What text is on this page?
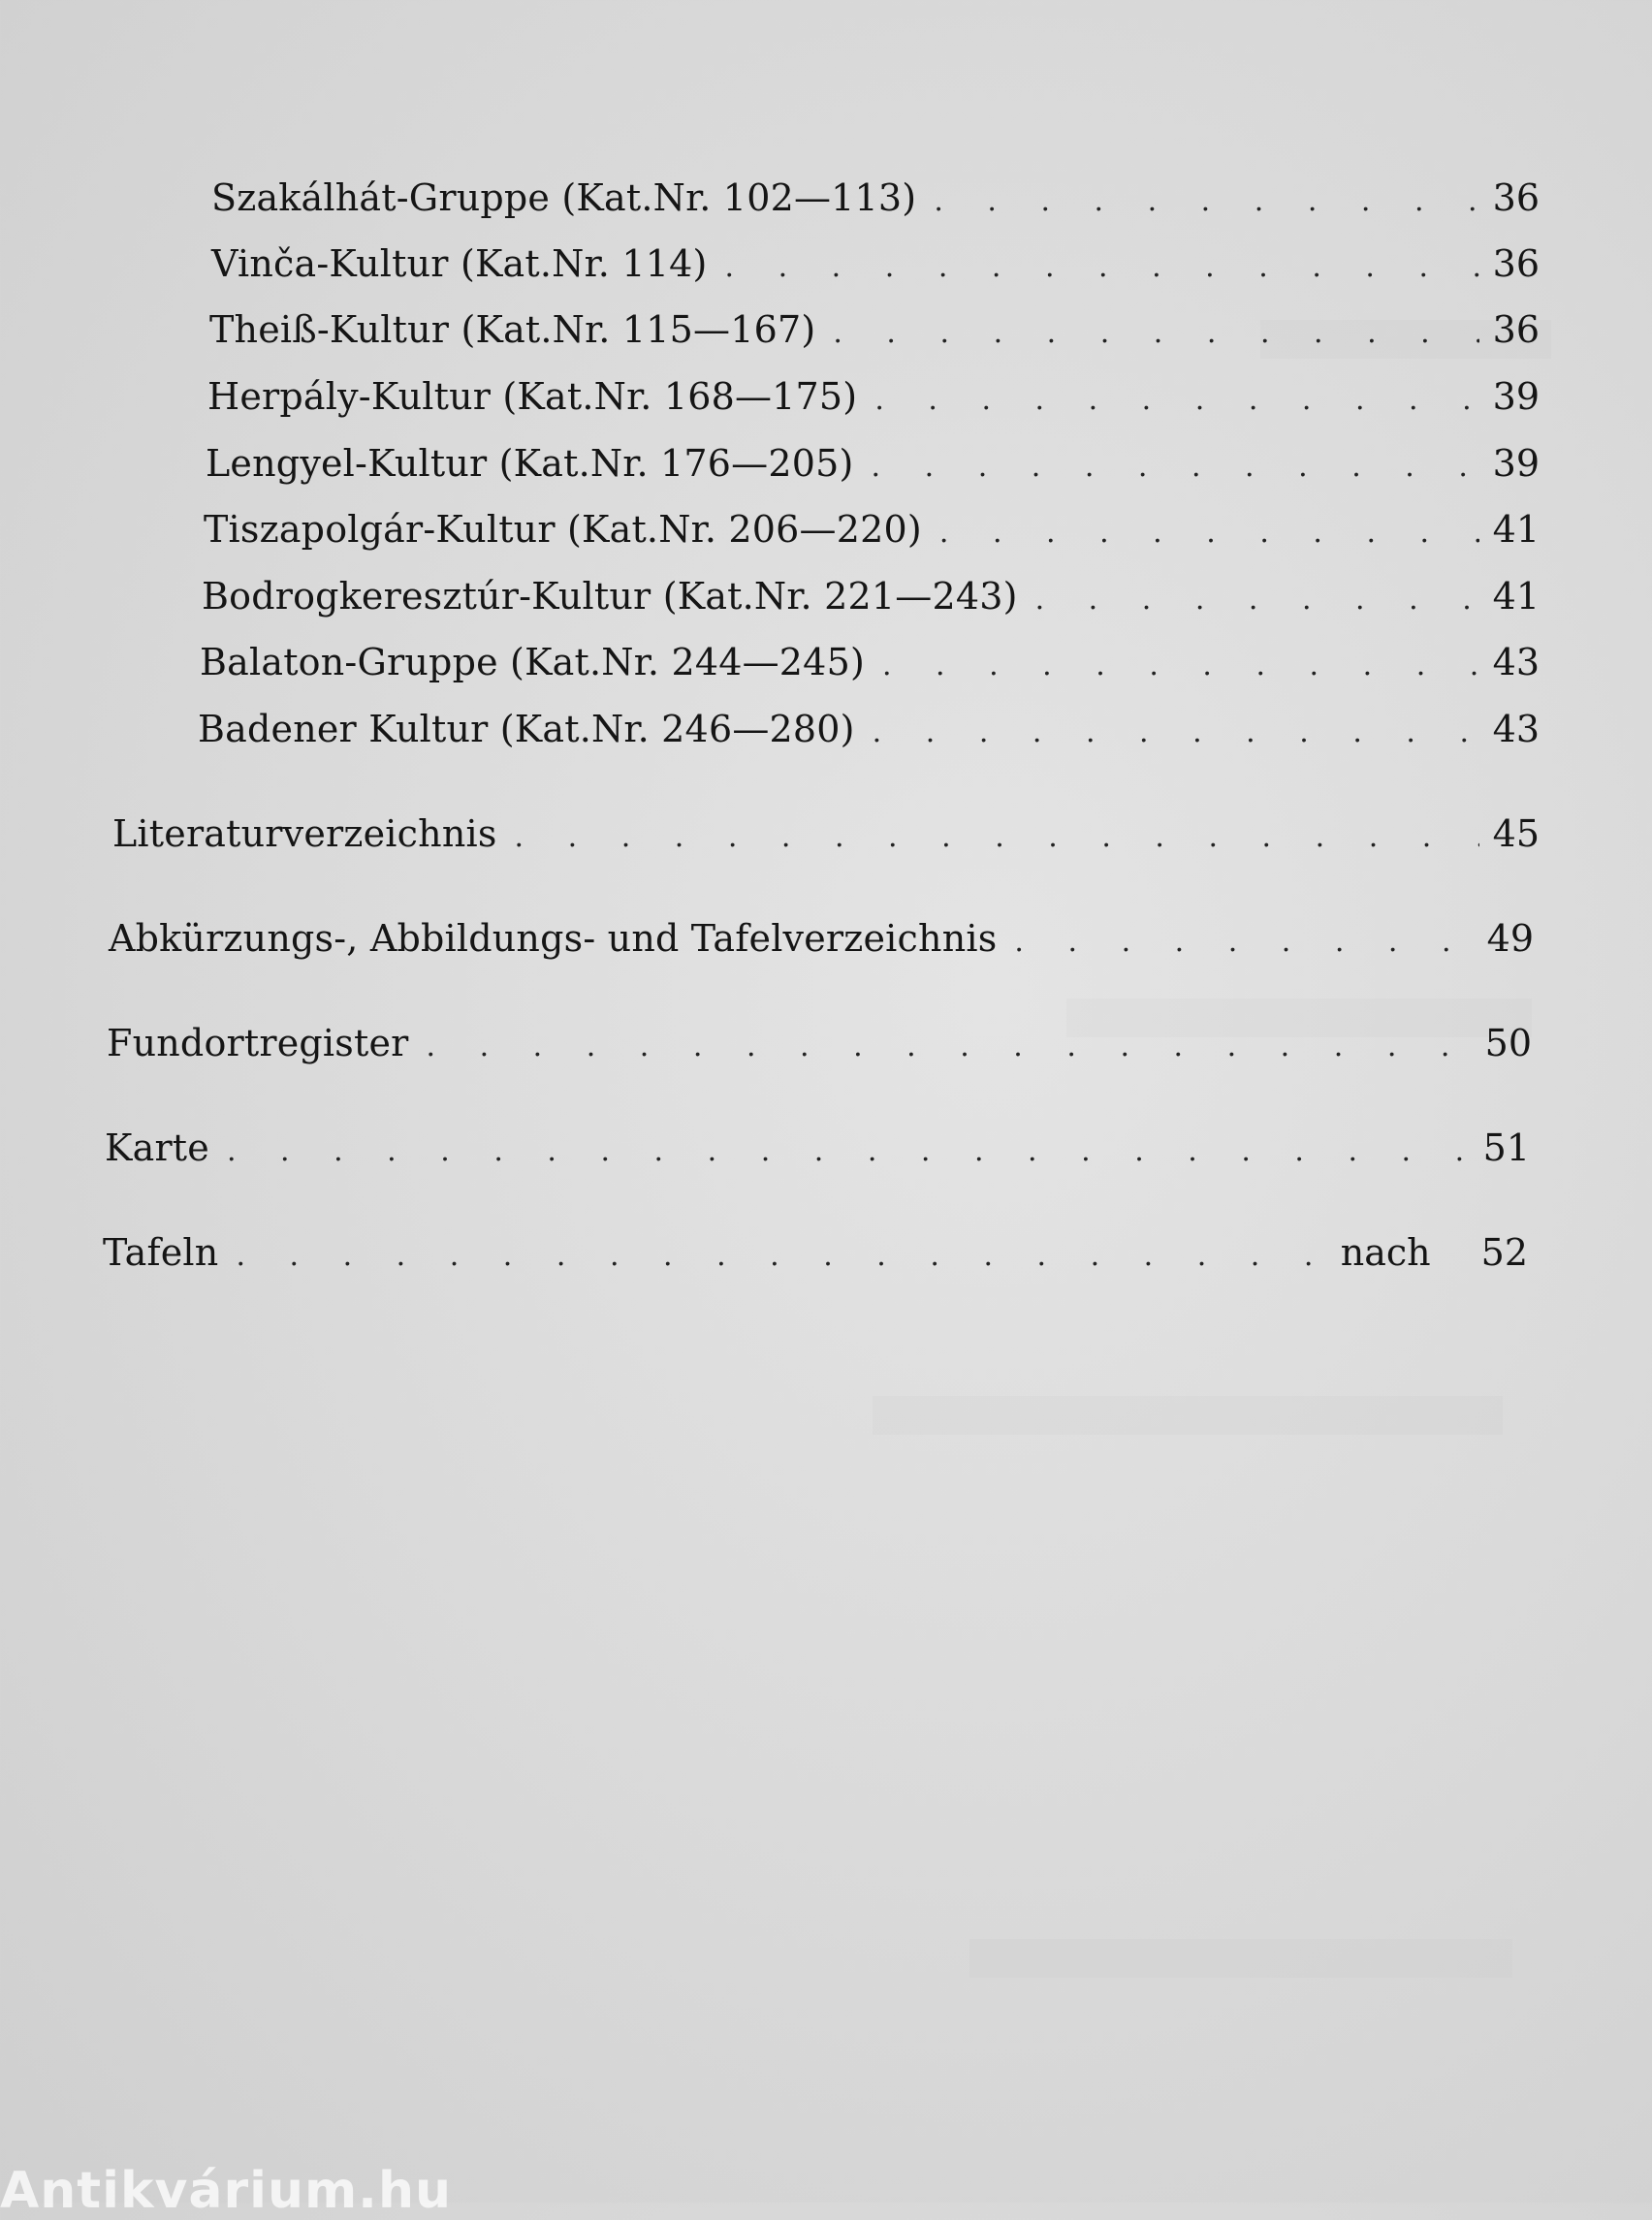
Szakálhát-Gruppe (Kat.Nr. 102—113) . . .	36
Vinča-Kultur (Kat.Nr. 114) . . .	36
Theiß-Kultur (Kat.Nr. 115—167) . . .	36
Herpály-Kultur (Kat.Nr. 168—175) . . .	39
Lengyel-Kultur (Kat.Nr. 176—205) . . .	39
Tiszapolgár-Kultur (Kat.Nr. 206—220) . . .	41
Bodrogkeresztúr-Kultur (Kat.Nr. 221—243) . . .	41
Balaton-Gruppe (Kat.Nr. 244—245) . . .	43
Badener Kultur (Kat.Nr. 246—280) . . .	43
Literaturverzeichnis . . .	45
Abkürzungs-, Abbildungs- und Tafelverzeichnis . . .	49
Fundortregister . . .	50
Karte . . .	51
Tafeln . . .	nach 52
Antikvárium.hu
